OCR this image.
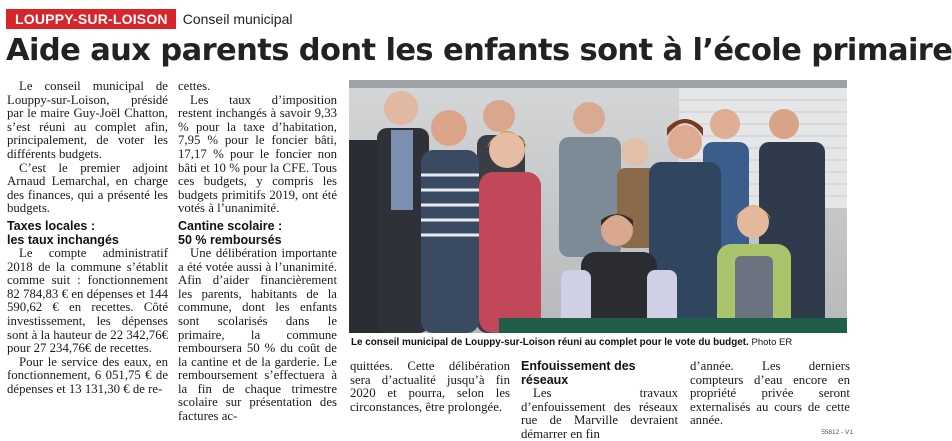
LOUPPY-SUR-LOISON	Conseil municipal
Aide aux parents dont les enfants sont à l’école primaire

Le conseil municipal de Louppy-sur-Loison, présidé par le maire Guy-Joël Chatton, s’est réuni au complet afin, principalement, de voter les différents budgets.

C’est le premier adjoint Arnaud Lemarchal, en charge des finances, qui a présenté les budgets.

Taxes locales :
les taux inchangés

Le compte administratif 2018 de la commune s’établit comme suit : fonctionnement 82 784,83 € en dépenses et 144 590,62 € en recettes. Côté investissement, les dépenses sont à la hauteur de 22 342,76€ pour 27 234,76€ de recettes.

Pour le service des eaux, en fonctionnement, 6 051,75 € de dépenses et 13 131,30 € de re-

cettes.

Les taux d’imposition restent inchangés à savoir 9,33 % pour la taxe d’habitation, 7,95 % pour le foncier bâti, 17,17 % pour le foncier non bâti et 10 % pour la CFE. Tous ces budgets, y compris les budgets primitifs 2019, ont été votés à l’unanimité.

Cantine scolaire :
50 % remboursés

Une délibération importante a été votée aussi à l’unanimité. Afin d’aider financièrement les parents, habitants de la commune, dont les enfants sont scolarisés dans le primaire, la commune remboursera 50 % du coût de la cantine et de la garderie. Le remboursement s’effectuera à la fin de chaque trimestre scolaire sur présentation des factures ac-

Le conseil municipal de Louppy-sur-Loison réuni au complet pour le vote du budget. Photo ER

quittées. Cette délibération sera d’actualité jusqu’à fin 2020 et pourra, selon les circonstances, être prolongée.

Enfouissement des réseaux

Les travaux d’enfouissement des réseaux rue de Marville devraient démarrer en fin

d’année. Les derniers compteurs d’eau encore en propriété privée seront externalisés au cours de cette année.

55812 - V1
